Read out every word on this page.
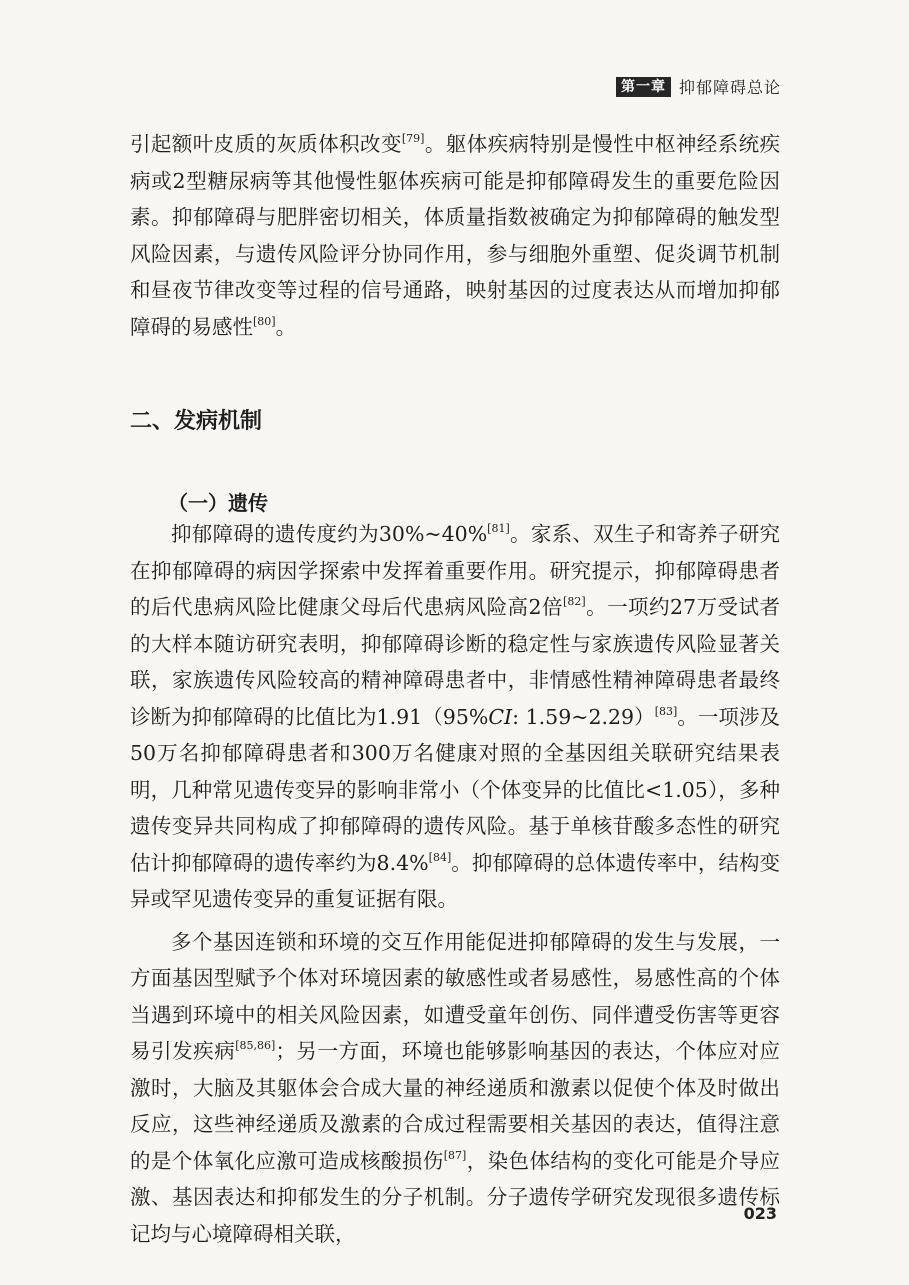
第一章 抑郁障碍总论

引起额叶皮质的灰质体积改变[79]。躯体疾病特别是慢性中枢神经系统疾病或2型糖尿病等其他慢性躯体疾病可能是抑郁障碍发生的重要危险因素。抑郁障碍与肥胖密切相关，体质量指数被确定为抑郁障碍的触发型风险因素，与遗传风险评分协同作用，参与细胞外重塑、促炎调节机制和昼夜节律改变等过程的信号通路，映射基因的过度表达从而增加抑郁障碍的易感性[80]。

二、发病机制
（一）遗传

抑郁障碍的遗传度约为30%~40%[81]。家系、双生子和寄养子研究在抑郁障碍的病因学探索中发挥着重要作用。研究提示，抑郁障碍患者的后代患病风险比健康父母后代患病风险高2倍[82]。一项约27万受试者的大样本随访研究表明，抑郁障碍诊断的稳定性与家族遗传风险显著关联，家族遗传风险较高的精神障碍患者中，非情感性精神障碍患者最终诊断为抑郁障碍的比值比为1.91（95%CI: 1.59~2.29）[83]。一项涉及50万名抑郁障碍患者和300万名健康对照的全基因组关联研究结果表明，几种常见遗传变异的影响非常小（个体变异的比值比<1.05），多种遗传变异共同构成了抑郁障碍的遗传风险。基于单核苷酸多态性的研究估计抑郁障碍的遗传率约为8.4%[84]。抑郁障碍的总体遗传率中，结构变异或罕见遗传变异的重复证据有限。

多个基因连锁和环境的交互作用能促进抑郁障碍的发生与发展，一方面基因型赋予个体对环境因素的敏感性或者易感性，易感性高的个体当遇到环境中的相关风险因素，如遭受童年创伤、同伴遭受伤害等更容易引发疾病[85,86]；另一方面，环境也能够影响基因的表达，个体应对应激时，大脑及其躯体会合成大量的神经递质和激素以促使个体及时做出反应，这些神经递质及激素的合成过程需要相关基因的表达，值得注意的是个体氧化应激可造成核酸损伤[87]，染色体结构的变化可能是介导应激、基因表达和抑郁发生的分子机制。分子遗传学研究发现很多遗传标记均与心境障碍相关联，

023
